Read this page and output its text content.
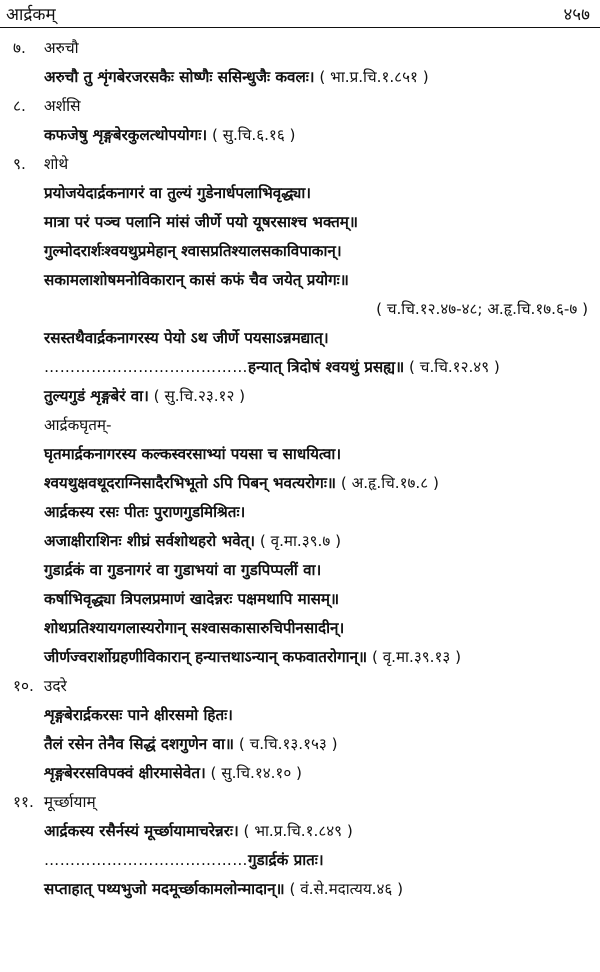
आर्द्रकम्	४५७
७. अरुचौ
अरुचौ तु शृंगबेरजरसकैः सोष्णैः ससिन्धुजैः कवलः। ( भा.प्र.चि.१.८५१ )
८. अर्शसि
कफजेषु शृङ्गबेरकुलत्थोपयोगः। ( सु.चि.६.१६ )
९. शोथे
प्रयोजयेदार्द्रकनागरं वा तुल्यं गुडेनार्धपलाभिवृद्ध्या।
मात्रा परं पञ्च पलानि मांसं जीर्णे पयो यूषरसाश्च भक्तम्॥
गुल्मोदरार्शःश्वयथुप्रमेहान् श्वासप्रतिश्यालसकाविपाकान्।
सकामलाशोषमनोविकारान् कासं कफं चैव जयेत् प्रयोगः॥
( च.चि.१२.४७-४८; अ.हृ.चि.१७.६-७ )
रसस्तथैवार्द्रकनागरस्य पेयो ऽथ जीर्णे पयसाऽन्नमद्यात्।
…………………………………हन्यात् त्रिदोषं श्वयथुं प्रसह्य॥ ( च.चि.१२.४९ )
तुल्यगुडं शृङ्गबेरं वा। ( सु.चि.२३.१२ )
आर्द्रकघृतम्-
घृतमार्द्रकनागरस्य कल्कस्वरसाभ्यां पयसा च साधयित्वा।
श्वयथुक्षवथूदराग्निसादैरभिभूतो ऽपि पिबन् भवत्यरोगः॥ ( अ.हृ.चि.१७.८ )
आर्द्रकस्य रसः पीतः पुराणगुडमिश्रितः।
अजाक्षीराशिनः शीघ्रं सर्वशोथहरो भवेत्। ( वृ.मा.३९.७ )
गुडार्द्रकं वा गुडनागरं वा गुडाभयां वा गुडपिप्पलीं वा।
कर्षाभिवृद्ध्या त्रिपलप्रमाणं खादेन्नरः पक्षमथापि मासम्॥
शोथप्रतिश्यायगलास्यरोगान् सश्वासकासारुचिपीनसादीन्।
जीर्णज्वरार्शोग्रहणीविकारान् हन्यात्तथाऽन्यान् कफवातरोगान्॥ ( वृ.मा.३९.१३ )
१०. उदरे
शृङ्गबेरार्द्रकरसः पाने क्षीरसमो हितः।
तैलं रसेन तेनैव सिद्धं दशगुणेन वा॥ ( च.चि.१३.१५३ )
शृङ्गबेररसविपक्वं क्षीरमासेवेत। ( सु.चि.१४.१० )
११. मूर्च्छायाम्
आर्द्रकस्य रसैर्नस्यं मूर्च्छायामाचरेन्नरः। ( भा.प्र.चि.१.८४९ )
…………………………………गुडार्द्रकं प्रातः।
सप्ताहात् पथ्यभुजो मदमूर्च्छाकामलोन्मादान्॥ ( वं.से.मदात्यय.४६ )
